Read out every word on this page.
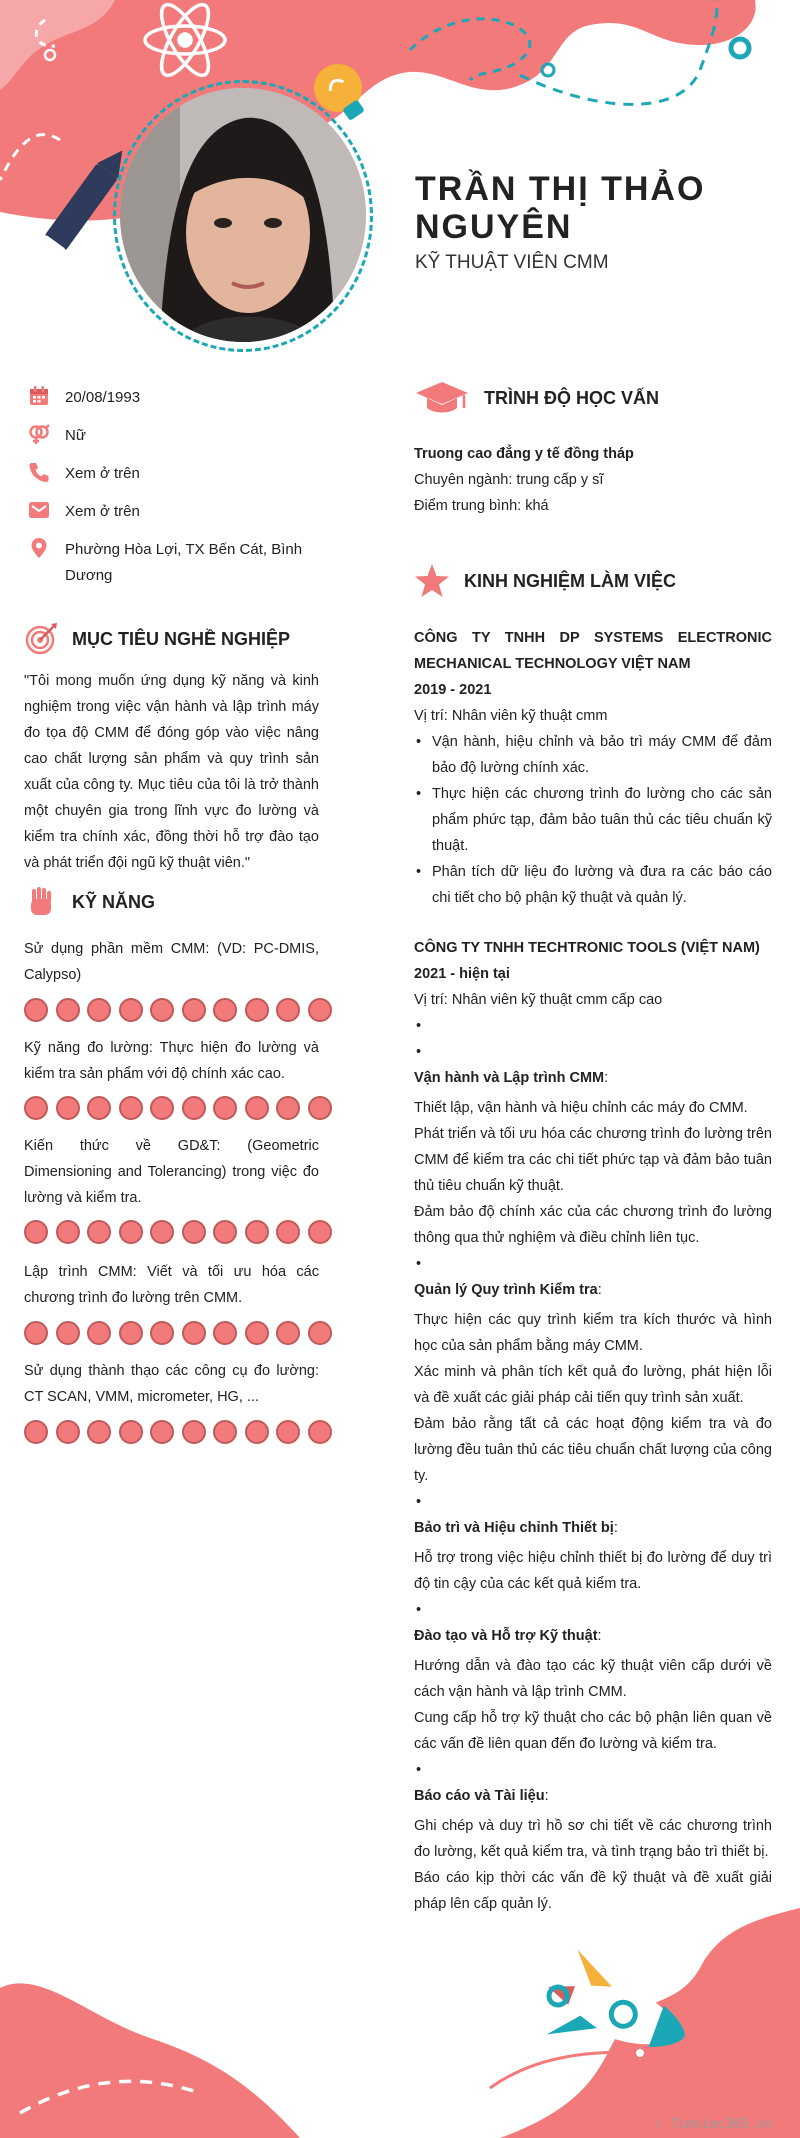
TRẦN THỊ THẢO
NGUYÊN
KỸ THUẬT VIÊN CMM
20/08/1993
Nữ
Xem ở trên
Xem ở trên
Phường Hòa Lợi, TX Bến Cát, Bình
Dương
MỤC TIÊU NGHỀ NGHIỆP
"Tôi mong muốn ứng dụng kỹ năng và kinh nghiệm trong việc vận hành và lập trình máy đo tọa độ CMM để đóng góp vào việc nâng cao chất lượng sản phẩm và quy trình sản xuất của công ty. Mục tiêu của tôi là trở thành một chuyên gia trong lĩnh vực đo lường và kiểm tra chính xác, đồng thời hỗ trợ đào tạo và phát triển đội ngũ kỹ thuật viên."
KỸ NĂNG
Sử dụng phần mềm CMM: (VD: PC-DMIS, Calypso)
Kỹ năng đo lường: Thực hiện đo lường và kiểm tra sản phẩm với độ chính xác cao.
Kiến thức về GD&T: (Geometric Dimensioning and Tolerancing) trong việc đo lường và kiểm tra.
Lập trình CMM: Viết và tối ưu hóa các chương trình đo lường trên CMM.
Sử dụng thành thạo các công cụ đo lường: CT SCAN, VMM, micrometer, HG, ...
TRÌNH ĐỘ HỌC VẤN
Truong cao đẳng y tế đồng tháp
Chuyên ngành: trung cấp y sĩ
Điểm trung bình: khá
KINH NGHIỆM LÀM VIỆC
CÔNG TY TNHH DP SYSTEMS ELECTRONIC MECHANICAL TECHNOLOGY VIỆT NAM
2019 - 2021
Vị trí: Nhân viên kỹ thuật cmm
• Vận hành, hiệu chỉnh và bảo trì máy CMM để đảm bảo độ lường chính xác.
• Thực hiện các chương trình đo lường cho các sản phẩm phức tạp, đảm bảo tuân thủ các tiêu chuẩn kỹ thuật.
• Phân tích dữ liệu đo lường và đưa ra các báo cáo chi tiết cho bộ phận kỹ thuật và quản lý.
CÔNG TY TNHH TECHTRONIC TOOLS (VIỆT NAM)
2021 - hiện tại
Vị trí: Nhân viên kỹ thuật cmm cấp cao
•
•
Vận hành và Lập trình CMM:
Thiết lập, vận hành và hiệu chỉnh các máy đo CMM.
Phát triển và tối ưu hóa các chương trình đo lường trên CMM để kiểm tra các chi tiết phức tạp và đảm bảo tuân thủ tiêu chuẩn kỹ thuật.
Đảm bảo độ chính xác của các chương trình đo lường thông qua thử nghiệm và điều chỉnh liên tục.
•
Quản lý Quy trình Kiểm tra:
Thực hiện các quy trình kiểm tra kích thước và hình học của sản phẩm bằng máy CMM.
Xác minh và phân tích kết quả đo lường, phát hiện lỗi và đề xuất các giải pháp cải tiến quy trình sản xuất.
Đảm bảo rằng tất cả các hoạt động kiểm tra và đo lường đều tuân thủ các tiêu chuẩn chất lượng của công ty.
•
Bảo trì và Hiệu chỉnh Thiết bị:
Hỗ trợ trong việc hiệu chỉnh thiết bị đo lường để duy trì độ tin cậy của các kết quả kiểm tra.
•
Đào tạo và Hỗ trợ Kỹ thuật:
Hướng dẫn và đào tạo các kỹ thuật viên cấp dưới về cách vận hành và lập trình CMM.
Cung cấp hỗ trợ kỹ thuật cho các bộ phận liên quan về các vấn đề liên quan đến đo lường và kiểm tra.
•
Báo cáo và Tài liệu:
Ghi chép và duy trì hồ sơ chi tiết về các chương trình đo lường, kết quả kiểm tra, và tình trạng bảo trì thiết bị.
Báo cáo kịp thời các vấn đề kỹ thuật và đề xuất giải pháp lên cấp quản lý.
∴ Timviec365.vn
